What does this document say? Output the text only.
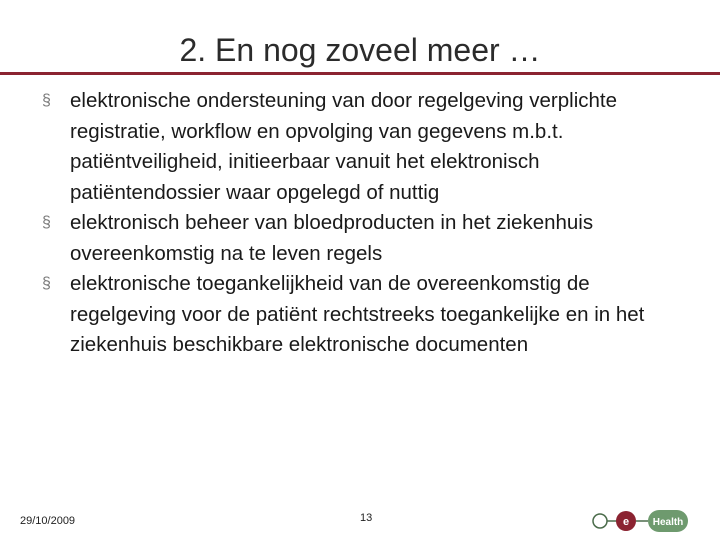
2. En nog zoveel meer …
§ elektronische ondersteuning van door regelgeving verplichte registratie, workflow en opvolging van gegevens m.b.t. patiëntveiligheid, initieerbaar vanuit het elektronisch patiëntendossier waar opgelegd of nuttig
§ elektronisch beheer van bloedproducten in het ziekenhuis overeenkomstig na te leven regels
§ elektronische toegankelijkheid van de overeenkomstig de regelgeving voor de patiënt rechtstreeks toegankelijke en in het ziekenhuis beschikbare elektronische documenten
29/10/2009	13	e Health
